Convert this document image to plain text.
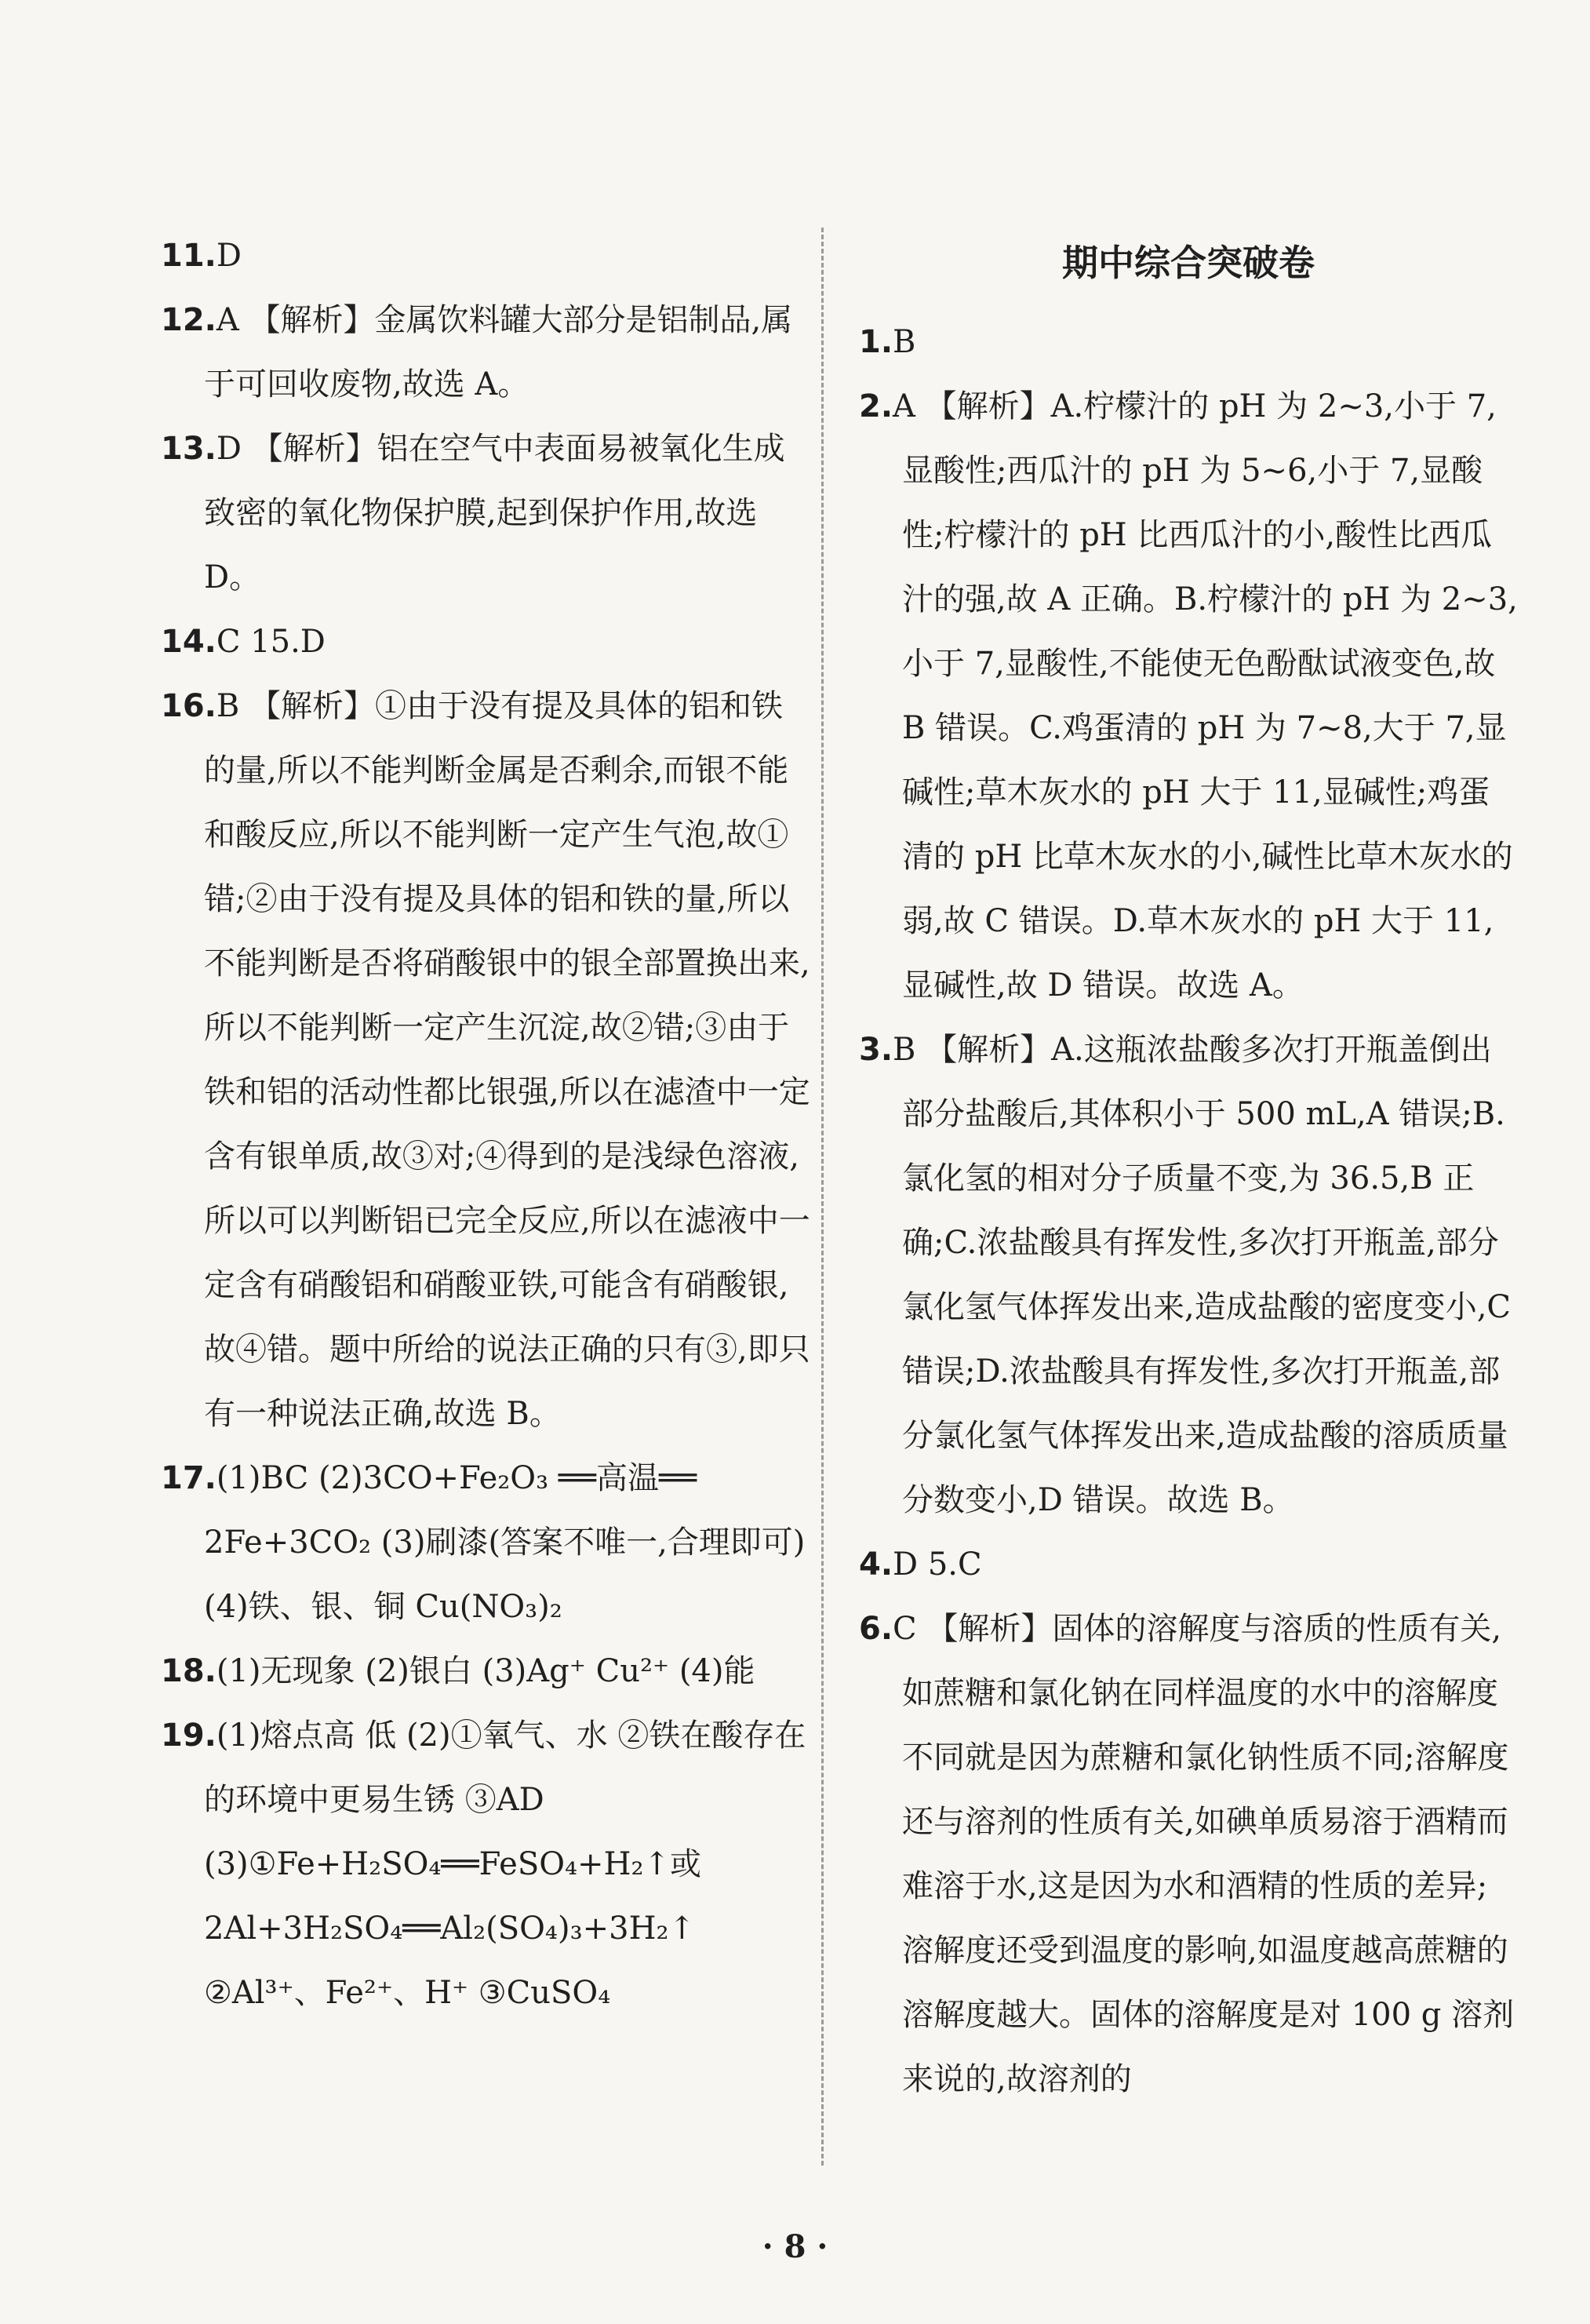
11.D

12.A 【解析】金属饮料罐大部分是铝制品,属于可回收废物,故选 A。

13.D 【解析】铝在空气中表面易被氧化生成致密的氧化物保护膜,起到保护作用,故选 D。

14.C 15.D

16.B 【解析】①由于没有提及具体的铝和铁的量,所以不能判断金属是否剩余,而银不能和酸反应,所以不能判断一定产生气泡,故①错;②由于没有提及具体的铝和铁的量,所以不能判断是否将硝酸银中的银全部置换出来,所以不能判断一定产生沉淀,故②错;③由于铁和铝的活动性都比银强,所以在滤渣中一定含有银单质,故③对;④得到的是浅绿色溶液,所以可以判断铝已完全反应,所以在滤液中一定含有硝酸铝和硝酸亚铁,可能含有硝酸银,故④错。题中所给的说法正确的只有③,即只有一种说法正确,故选 B。

17.(1)BC (2)3CO+Fe₂O₃ ══高温══ 2Fe+3CO₂ (3)刷漆(答案不唯一,合理即可) (4)铁、银、铜 Cu(NO₃)₂

18.(1)无现象 (2)银白 (3)Ag⁺ Cu²⁺ (4)能

19.(1)熔点高 低 (2)①氧气、水 ②铁在酸存在的环境中更易生锈 ③AD (3)①Fe+H₂SO₄══FeSO₄+H₂↑或 2Al+3H₂SO₄══Al₂(SO₄)₃+3H₂↑ ②Al³⁺、Fe²⁺、H⁺ ③CuSO₄

期中综合突破卷

1.B

2.A 【解析】A.柠檬汁的 pH 为 2~3,小于 7,显酸性;西瓜汁的 pH 为 5~6,小于 7,显酸性;柠檬汁的 pH 比西瓜汁的小,酸性比西瓜汁的强,故 A 正确。B.柠檬汁的 pH 为 2~3,小于 7,显酸性,不能使无色酚酞试液变色,故 B 错误。C.鸡蛋清的 pH 为 7~8,大于 7,显碱性;草木灰水的 pH 大于 11,显碱性;鸡蛋清的 pH 比草木灰水的小,碱性比草木灰水的弱,故 C 错误。D.草木灰水的 pH 大于 11,显碱性,故 D 错误。故选 A。

3.B 【解析】A.这瓶浓盐酸多次打开瓶盖倒出部分盐酸后,其体积小于 500 mL,A 错误;B.氯化氢的相对分子质量不变,为 36.5,B 正确;C.浓盐酸具有挥发性,多次打开瓶盖,部分氯化氢气体挥发出来,造成盐酸的密度变小,C 错误;D.浓盐酸具有挥发性,多次打开瓶盖,部分氯化氢气体挥发出来,造成盐酸的溶质质量分数变小,D 错误。故选 B。

4.D 5.C

6.C 【解析】固体的溶解度与溶质的性质有关,如蔗糖和氯化钠在同样温度的水中的溶解度不同就是因为蔗糖和氯化钠性质不同;溶解度还与溶剂的性质有关,如碘单质易溶于酒精而难溶于水,这是因为水和酒精的性质的差异;溶解度还受到温度的影响,如温度越高蔗糖的溶解度越大。固体的溶解度是对 100 g 溶剂来说的,故溶剂的

· 8 ·
